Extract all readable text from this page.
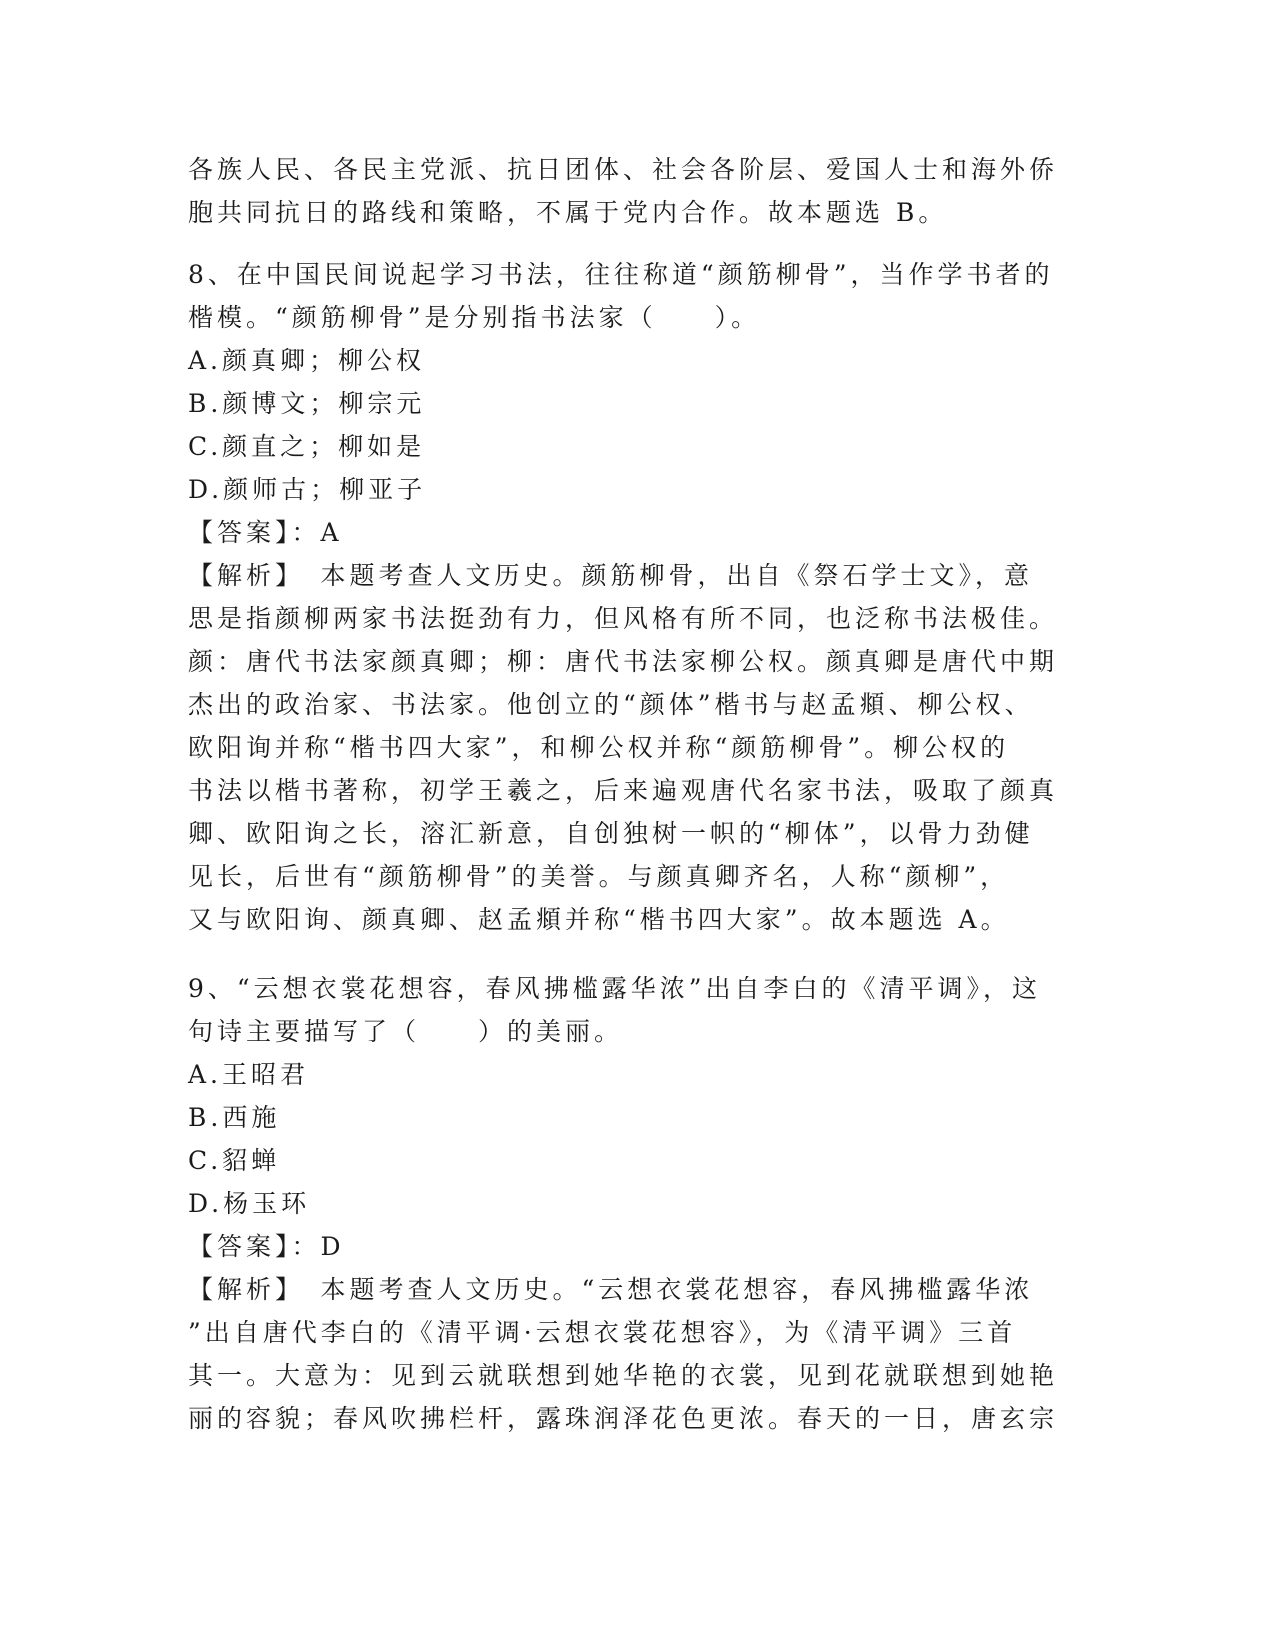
各族人民、各民主党派、抗日团体、社会各阶层、爱国人士和海外侨
胞共同抗日的路线和策略，不属于党内合作。故本题选 B。
8、在中国民间说起学习书法，往往称道“颜筋柳骨”，当作学书者的
楷模。“颜筋柳骨”是分别指书法家（　　）。
A.颜真卿；柳公权
B.颜博文；柳宗元
C.颜直之；柳如是
D.颜师古；柳亚子
【答案】：A
【解析】　本题考查人文历史。颜筋柳骨，出自《祭石学士文》，意
思是指颜柳两家书法挺劲有力，但风格有所不同，也泛称书法极佳。
颜：唐代书法家颜真卿；柳：唐代书法家柳公权。颜真卿是唐代中期
杰出的政治家、书法家。他创立的“颜体”楷书与赵孟頫、柳公权、
欧阳询并称“楷书四大家”，和柳公权并称“颜筋柳骨”。柳公权的
书法以楷书著称，初学王羲之，后来遍观唐代名家书法，吸取了颜真
卿、欧阳询之长，溶汇新意，自创独树一帜的“柳体”，以骨力劲健
见长，后世有“颜筋柳骨”的美誉。与颜真卿齐名，人称“颜柳”，
又与欧阳询、颜真卿、赵孟頫并称“楷书四大家”。故本题选 A。
9、“云想衣裳花想容，春风拂槛露华浓”出自李白的《清平调》，这
句诗主要描写了（　　）的美丽。
A.王昭君
B.西施
C.貂蝉
D.杨玉环
【答案】：D
【解析】　本题考查人文历史。“云想衣裳花想容，春风拂槛露华浓
”出自唐代李白的《清平调·云想衣裳花想容》，为《清平调》三首
其一。大意为：见到云就联想到她华艳的衣裳，见到花就联想到她艳
丽的容貌；春风吹拂栏杆，露珠润泽花色更浓。春天的一日，唐玄宗
